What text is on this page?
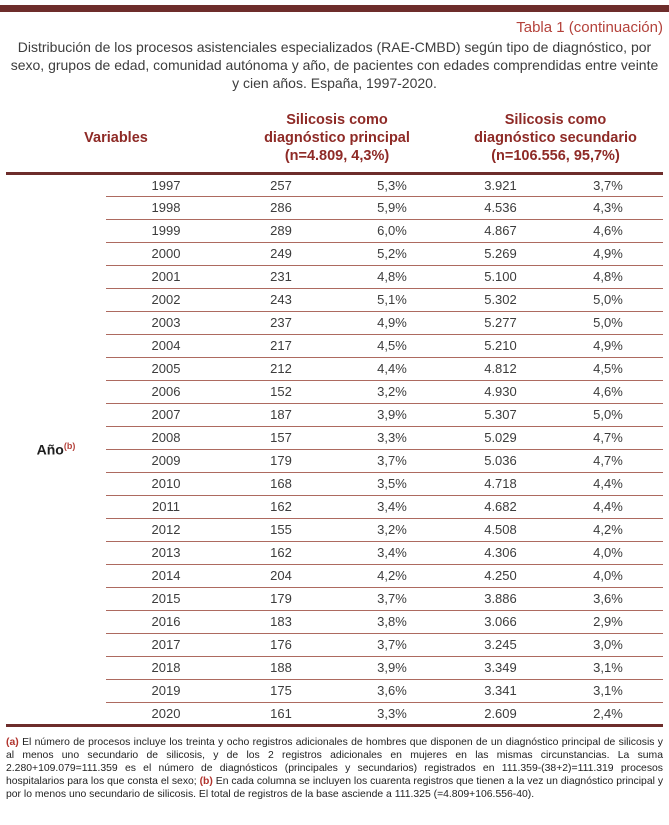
Tabla 1 (continuación)

Distribución de los procesos asistenciales especializados (RAE-CMBD) según tipo de diagnóstico, por sexo, grupos de edad, comunidad autónoma y año, de pacientes con edades comprendidas entre veinte y cien años. España, 1997-2020.

Variables		Silicosis como diagnóstico principal (n=4.809, 4,3%)		Silicosis como diagnóstico secundario (n=106.556, 95,7%)	
Año$^{(b)}$	1997	257	5,3%	3.921	3,7%
	1998	286	5,9%	4.536	4,3%
	1999	289	6,0%	4.867	4,6%
	2000	249	5,2%	5.269	4,9%
	2001	231	4,8%	5.100	4,8%
	2002	243	5,1%	5.302	5,0%
	2003	237	4,9%	5.277	5,0%
	2004	217	4,5%	5.210	4,9%
	2005	212	4,4%	4.812	4,5%
	2006	152	3,2%	4.930	4,6%
	2007	187	3,9%	5.307	5,0%
	2008	157	3,3%	5.029	4,7%
	2009	179	3,7%	5.036	4,7%
	2010	168	3,5%	4.718	4,4%
	2011	162	3,4%	4.682	4,4%
	2012	155	3,2%	4.508	4,2%
	2013	162	3,4%	4.306	4,0%
	2014	204	4,2%	4.250	4,0%
	2015	179	3,7%	3.886	3,6%
	2016	183	3,8%	3.066	2,9%
	2017	176	3,7%	3.245	3,0%
	2018	188	3,9%	3.349	3,1%
	2019	175	3,6%	3.341	3,1%
	2020	161	3,3%	2.609	2,4%

(a) El número de procesos incluye los treinta y ocho registros adicionales de hombres que disponen de un diagnóstico principal de silicosis y al menos uno secundario de silicosis, y de los 2 registros adicionales en mujeres en las mismas circunstancias. La suma 2.280+109.079=111.359 es el número de diagnósticos (principales y secundarios) registrados en 111.359-(38+2)=111.319 procesos hospitalarios para los que consta el sexo; (b) En cada columna se incluyen los cuarenta registros que tienen a la vez un diagnóstico principal y por lo menos uno secundario de silicosis. El total de registros de la base asciende a 111.325 (=4.809+106.556-40).
